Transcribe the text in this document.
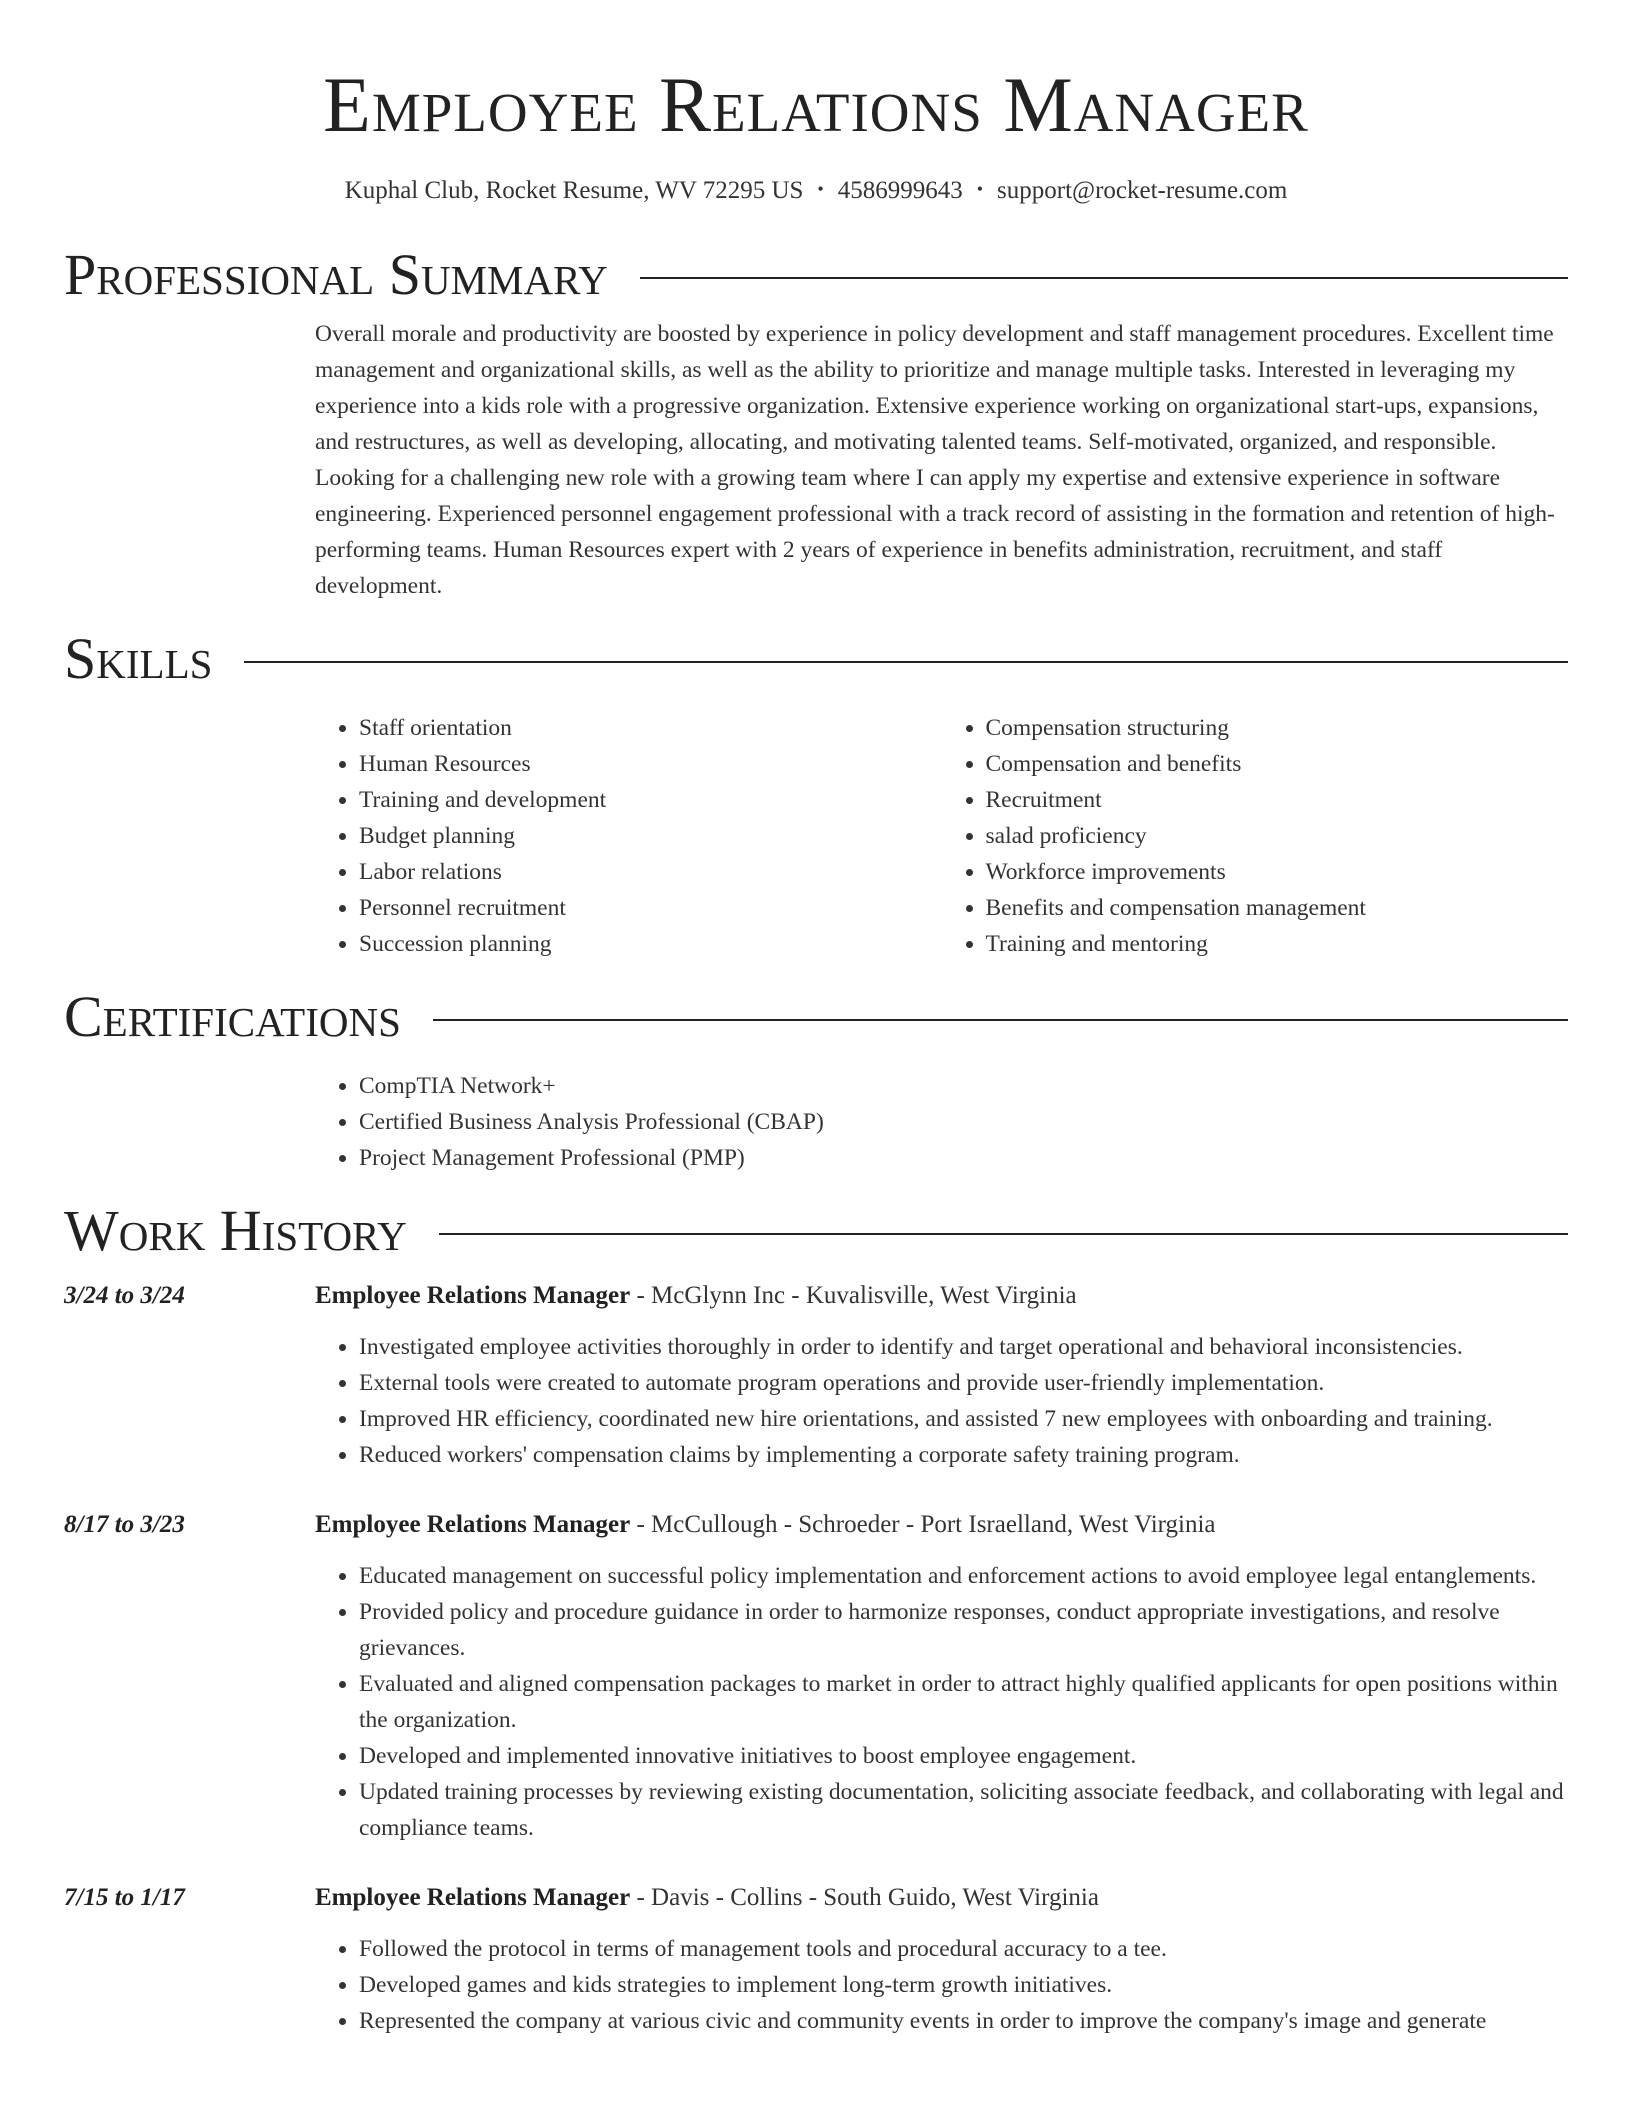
Employee Relations Manager
Kuphal Club, Rocket Resume, WV 72295 US • 4586999643 • support@rocket-resume.com
Professional Summary

Overall morale and productivity are boosted by experience in policy development and staff management procedures. Excellent time management and organizational skills, as well as the ability to prioritize and manage multiple tasks. Interested in leveraging my experience into a kids role with a progressive organization. Extensive experience working on organizational start-ups, expansions, and restructures, as well as developing, allocating, and motivating talented teams. Self-motivated, organized, and responsible. Looking for a challenging new role with a growing team where I can apply my expertise and extensive experience in software engineering. Experienced personnel engagement professional with a track record of assisting in the formation and retention of high-performing teams. Human Resources expert with 2 years of experience in benefits administration, recruitment, and staff development.

Skills
• Staff orientation
• Human Resources
• Training and development
• Budget planning
• Labor relations
• Personnel recruitment
• Succession planning
• Compensation structuring
• Compensation and benefits
• Recruitment
• salad proficiency
• Workforce improvements
• Benefits and compensation management
• Training and mentoring
Certifications
• CompTIA Network+
• Certified Business Analysis Professional (CBAP)
• Project Management Professional (PMP)
Work History
3/24 to 3/24	Employee Relations Manager - McGlynn Inc - Kuvalisville, West Virginia
• Investigated employee activities thoroughly in order to identify and target operational and behavioral inconsistencies.
• External tools were created to automate program operations and provide user-friendly implementation.
• Improved HR efficiency, coordinated new hire orientations, and assisted 7 new employees with onboarding and training.
• Reduced workers' compensation claims by implementing a corporate safety training program.
8/17 to 3/23	Employee Relations Manager - McCullough - Schroeder - Port Israelland, West Virginia
• Educated management on successful policy implementation and enforcement actions to avoid employee legal entanglements.
• Provided policy and procedure guidance in order to harmonize responses, conduct appropriate investigations, and resolve grievances.
• Evaluated and aligned compensation packages to market in order to attract highly qualified applicants for open positions within the organization.
• Developed and implemented innovative initiatives to boost employee engagement.
• Updated training processes by reviewing existing documentation, soliciting associate feedback, and collaborating with legal and compliance teams.
7/15 to 1/17	Employee Relations Manager - Davis - Collins - South Guido, West Virginia
• Followed the protocol in terms of management tools and procedural accuracy to a tee.
• Developed games and kids strategies to implement long-term growth initiatives.
• Represented the company at various civic and community events in order to improve the company's image and generate
